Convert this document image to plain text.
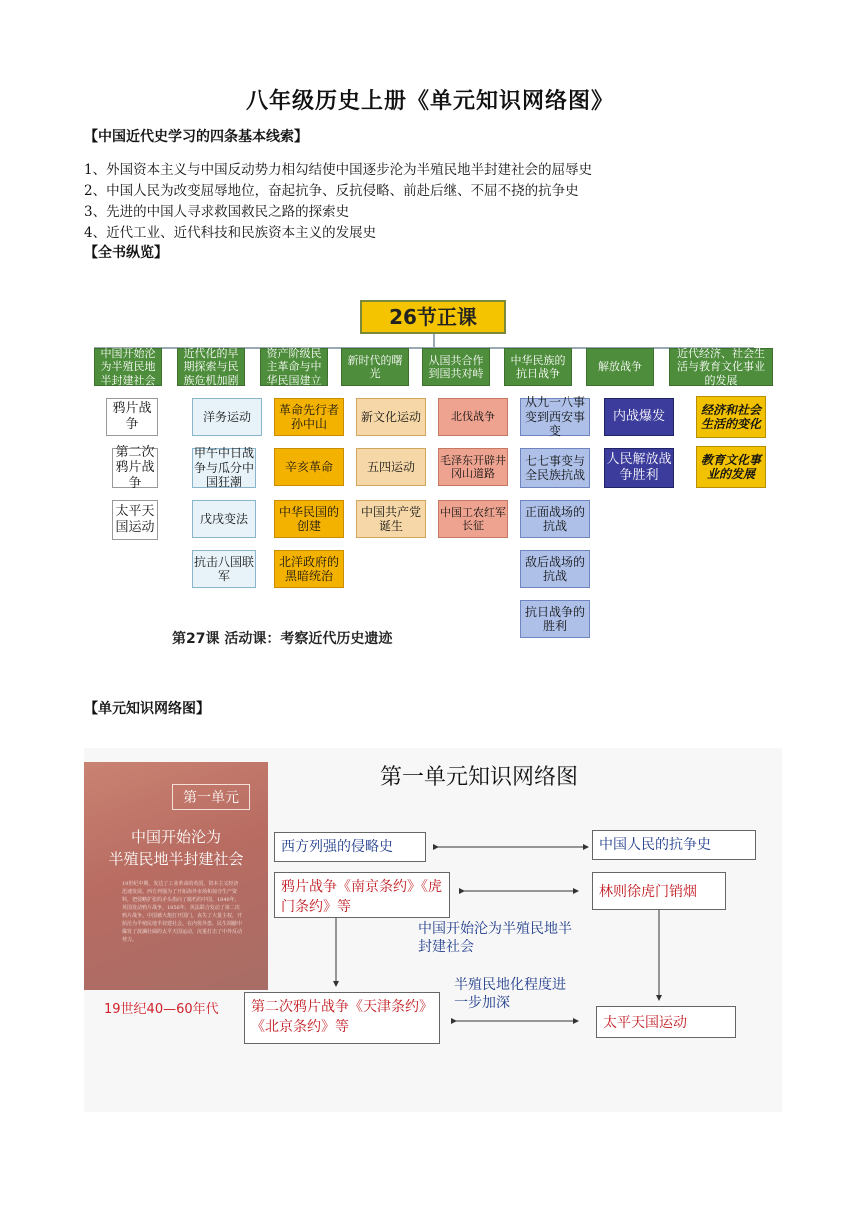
八年级历史上册《单元知识网络图》
【中国近代史学习的四条基本线索】
1、外国资本主义与中国反动势力相勾结使中国逐步沦为半殖民地半封建社会的屈辱史
2、中国人民为改变屈辱地位，奋起抗争、反抗侵略、前赴后继、不屈不挠的抗争史
3、先进的中国人寻求救国救民之路的探索史
4、近代工业、近代科技和民族资本主义的发展史
【全书纵览】
26节正课
中国开始沦为半殖民地半封建社会
近代化的早期探索与民族危机加剧
资产阶级民主革命与中华民国建立
新时代的曙光
从国共合作到国共对峙
中华民族的抗日战争
解放战争
近代经济、社会生活与教育文化事业的发展
鸦片战争
第二次鸦片战争
太平天国运动
洋务运动
甲午中日战争与瓜分中国狂潮
戊戌变法
抗击八国联军
革命先行者孙中山
辛亥革命
中华民国的创建
北洋政府的黑暗统治
新文化运动
五四运动
中国共产党诞生
北伐战争
毛泽东开辟井冈山道路
中国工农红军长征
从九一八事变到西安事变
七七事变与全民族抗战
正面战场的抗战
敌后战场的抗战
抗日战争的胜利
内战爆发
人民解放战争胜利
经济和社会生活的变化
教育文化事业的发展
第27课 活动课：考察近代历史遗迹
【单元知识网络图】
第一单元
中国开始沦为
半殖民地半封建社会
19世纪中期，发达了工业革命的英国，资本主义经济迅速发展。西方列强为了开拓海外市场和掠夺生产资料，把侵略扩张的矛头指向了腐朽的中国。1840年，英国发动鸦片战争。1856年，英法联合发动了第二次鸦片战争。中国被大炮打开国门，丧失了大量主权，开始沦为半殖民地半封建社会。在内忧外患、民生凋敝中爆发了波澜壮阔的太平天国运动，沉重打击了中外反动势力。
19世纪40—60年代
第一单元知识网络图
西方列强的侵略史	中国人民的抗争史
鸦片战争《南京条约》《虎门条约》等
林则徐虎门销烟
中国开始沦为半殖民地半封建社会
半殖民地化程度进一步加深
第二次鸦片战争《天津条约》《北京条约》等	太平天国运动
